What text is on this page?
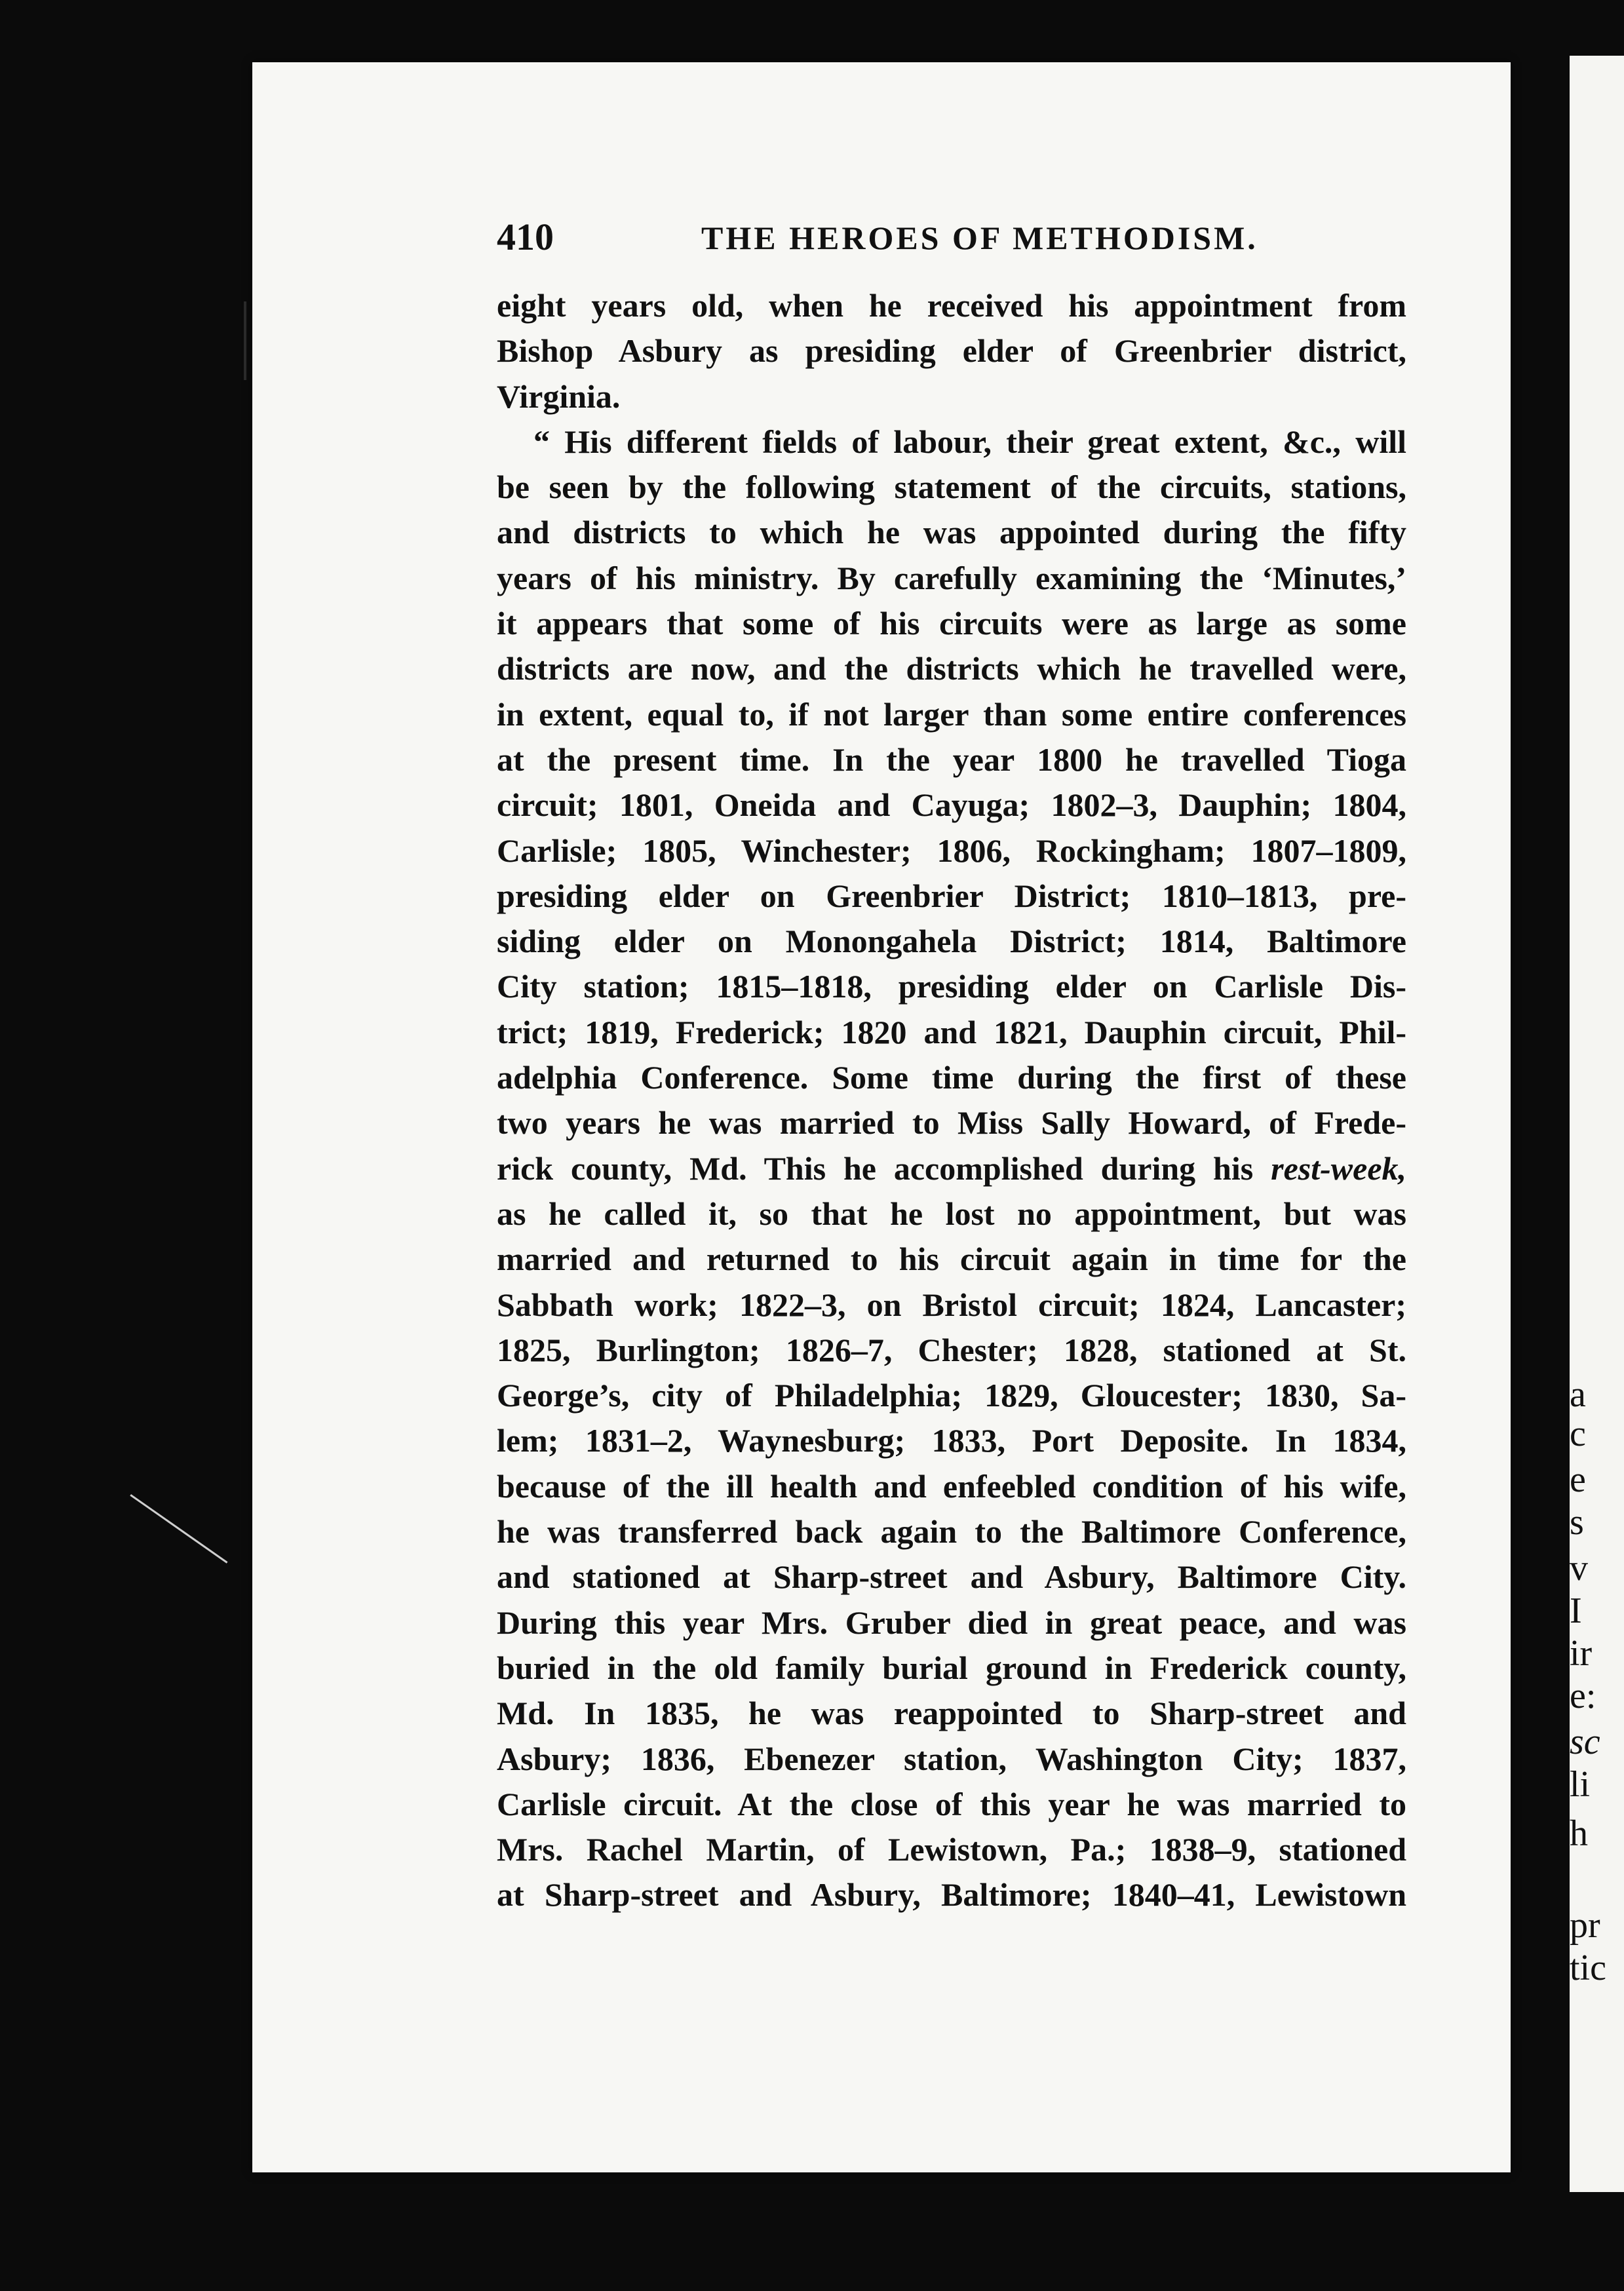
a
c
e
s
v
I
ir
e:
sc
li
h
pr
tic
410	THE HEROES OF METHODISM.
eight years old, when he received his appointment from
Bishop Asbury as presiding elder of Greenbrier district,
Virginia.
“ His different fields of labour, their great extent, &c., will
be seen by the following statement of the circuits, stations,
and districts to which he was appointed during the fifty
years of his ministry. By carefully examining the ‘Minutes,’
it appears that some of his circuits were as large as some
districts are now, and the districts which he travelled were,
in extent, equal to, if not larger than some entire conferences
at the present time. In the year 1800 he travelled Tioga
circuit; 1801, Oneida and Cayuga; 1802–3, Dauphin; 1804,
Carlisle; 1805, Winchester; 1806, Rockingham; 1807–1809,
presiding elder on Greenbrier District; 1810–1813, pre-
siding elder on Monongahela District; 1814, Baltimore
City station; 1815–1818, presiding elder on Carlisle Dis-
trict; 1819, Frederick; 1820 and 1821, Dauphin circuit, Phil-
adelphia Conference. Some time during the first of these
two years he was married to Miss Sally Howard, of Frede-
rick county, Md. This he accomplished during his rest-week,
as he called it, so that he lost no appointment, but was
married and returned to his circuit again in time for the
Sabbath work; 1822–3, on Bristol circuit; 1824, Lancaster;
1825, Burlington; 1826–7, Chester; 1828, stationed at St.
George’s, city of Philadelphia; 1829, Gloucester; 1830, Sa-
lem; 1831–2, Waynesburg; 1833, Port Deposite. In 1834,
because of the ill health and enfeebled condition of his wife,
he was transferred back again to the Baltimore Conference,
and stationed at Sharp-street and Asbury, Baltimore City.
During this year Mrs. Gruber died in great peace, and was
buried in the old family burial ground in Frederick county,
Md. In 1835, he was reappointed to Sharp-street and
Asbury; 1836, Ebenezer station, Washington City; 1837,
Carlisle circuit. At the close of this year he was married to
Mrs. Rachel Martin, of Lewistown, Pa.; 1838–9, stationed
at Sharp-street and Asbury, Baltimore; 1840–41, Lewistown
